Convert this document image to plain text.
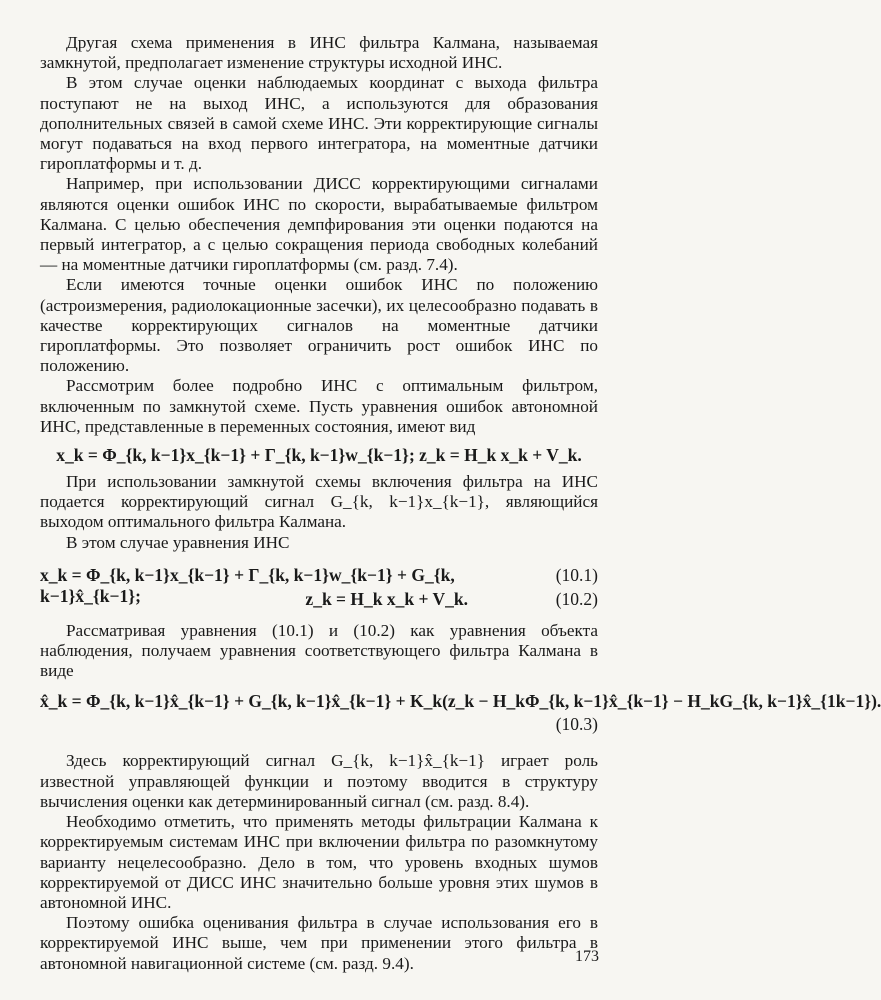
Другая схема применения в ИНС фильтра Калмана, называемая замкнутой, предполагает изменение структуры исходной ИНС.

В этом случае оценки наблюдаемых координат с выхода фильтра поступают не на выход ИНС, а используются для образования дополнительных связей в самой схеме ИНС. Эти корректирующие сигналы могут подаваться на вход первого интегратора, на моментные датчики гироплатформы и т. д.

Например, при использовании ДИСС корректирующими сигналами являются оценки ошибок ИНС по скорости, вырабатываемые фильтром Калмана. С целью обеспечения демпфирования эти оценки подаются на первый интегратор, а с целью сокращения периода свободных колебаний — на моментные датчики гироплатформы (см. разд. 7.4).

Если имеются точные оценки ошибок ИНС по положению (астроизмерения, радиолокационные засечки), их целесообразно подавать в качестве корректирующих сигналов на моментные датчики гироплатформы. Это позволяет ограничить рост ошибок ИНС по положению.

Рассмотрим более подробно ИНС с оптимальным фильтром, включенным по замкнутой схеме. Пусть уравнения ошибок автономной ИНС, представленные в переменных состояния, имеют вид

x_k = Φ_{k, k−1}x_{k−1} + Γ_{k, k−1}w_{k−1}; z_k = H_k x_k + V_k.

При использовании замкнутой схемы включения фильтра на ИНС подается корректирующий сигнал G_{k, k−1}x_{k−1}, являющийся выходом оптимального фильтра Калмана.

В этом случае уравнения ИНС

x_k = Φ_{k, k−1}x_{k−1} + Γ_{k, k−1}w_{k−1} + G_{k, k−1}x̂_{k−1};
(10.1)
z_k = H_k x_k + V_k.	(10.2)

Рассматривая уравнения (10.1) и (10.2) как уравнения объекта наблюдения, получаем уравнения соответствующего фильтра Калмана в виде

x̂_k = Φ_{k, k−1}x̂_{k−1} + G_{k, k−1}x̂_{k−1} + K_k(z_k − H_kΦ_{k, k−1}x̂_{k−1} − H_kG_{k, k−1}x̂_{1k−1}).
(10.3)

Здесь корректирующий сигнал G_{k, k−1}x̂_{k−1} играет роль известной управляющей функции и поэтому вводится в структуру вычисления оценки как детерминированный сигнал (см. разд. 8.4).

Необходимо отметить, что применять методы фильтрации Калмана к корректируемым системам ИНС при включении фильтра по разомкнутому варианту нецелесообразно. Дело в том, что уровень входных шумов корректируемой от ДИСС ИНС значительно больше уровня этих шумов в автономной ИНС.

Поэтому ошибка оценивания фильтра в случае использования его в корректируемой ИНС выше, чем при применении этого фильтра в автономной навигационной системе (см. разд. 9.4).	173
